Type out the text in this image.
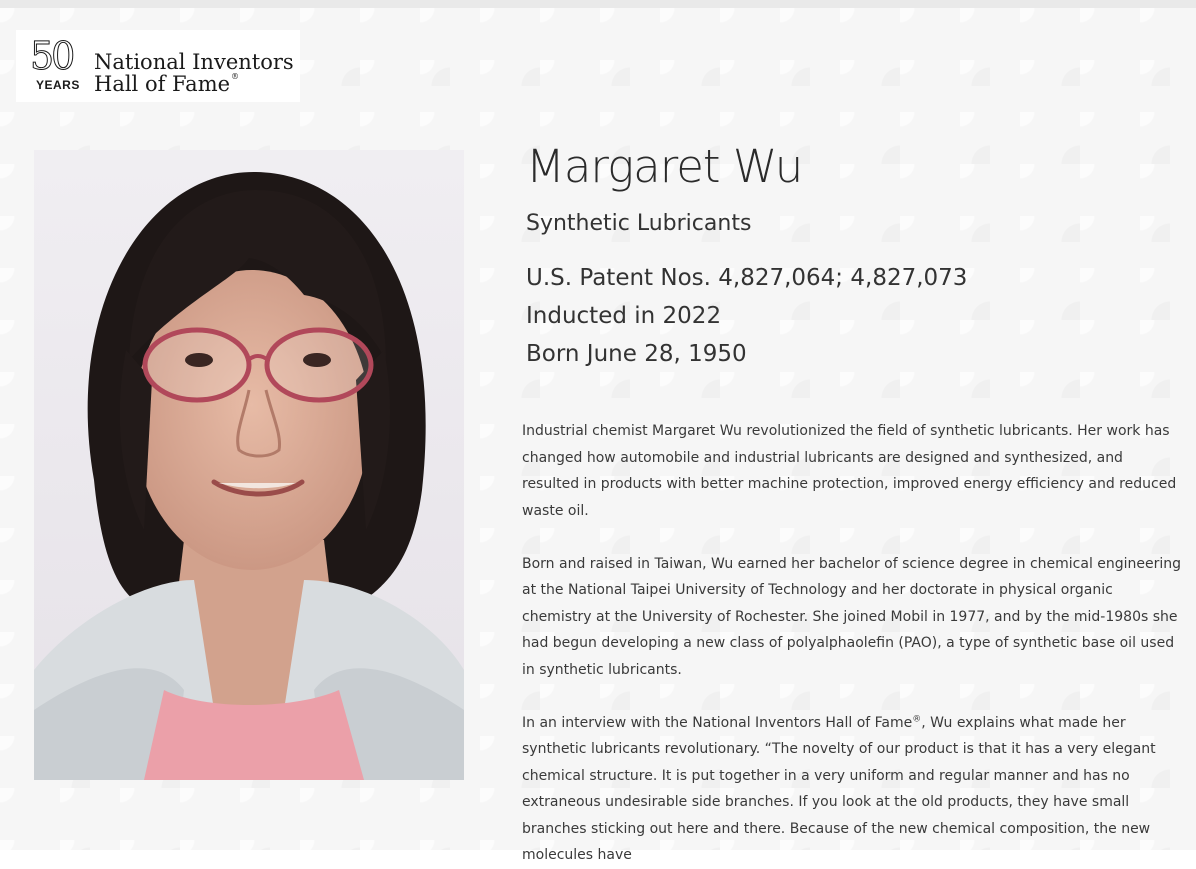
50
YEARS
National Inventors
Hall of Fame®
Margaret Wu
Synthetic Lubricants
U.S. Patent Nos. 4,827,064; 4,827,073
Inducted in 2022
Born June 28, 1950

Industrial chemist Margaret Wu revolutionized the field of synthetic lubricants. Her work has changed how automobile and industrial lubricants are designed and synthesized, and resulted in products with better machine protection, improved energy efficiency and reduced waste oil.

Born and raised in Taiwan, Wu earned her bachelor of science degree in chemical engineering at the National Taipei University of Technology and her doctorate in physical organic chemistry at the University of Rochester. She joined Mobil in 1977, and by the mid-1980s she had begun developing a new class of polyalphaolefin (PAO), a type of synthetic base oil used in synthetic lubricants.

In an interview with the National Inventors Hall of Fame®, Wu explains what made her synthetic lubricants revolutionary. “The novelty of our product is that it has a very elegant chemical structure. It is put together in a very uniform and regular manner and has no extraneous undesirable side branches. If you look at the old products, they have small branches sticking out here and there. Because of the new chemical composition, the new molecules have
